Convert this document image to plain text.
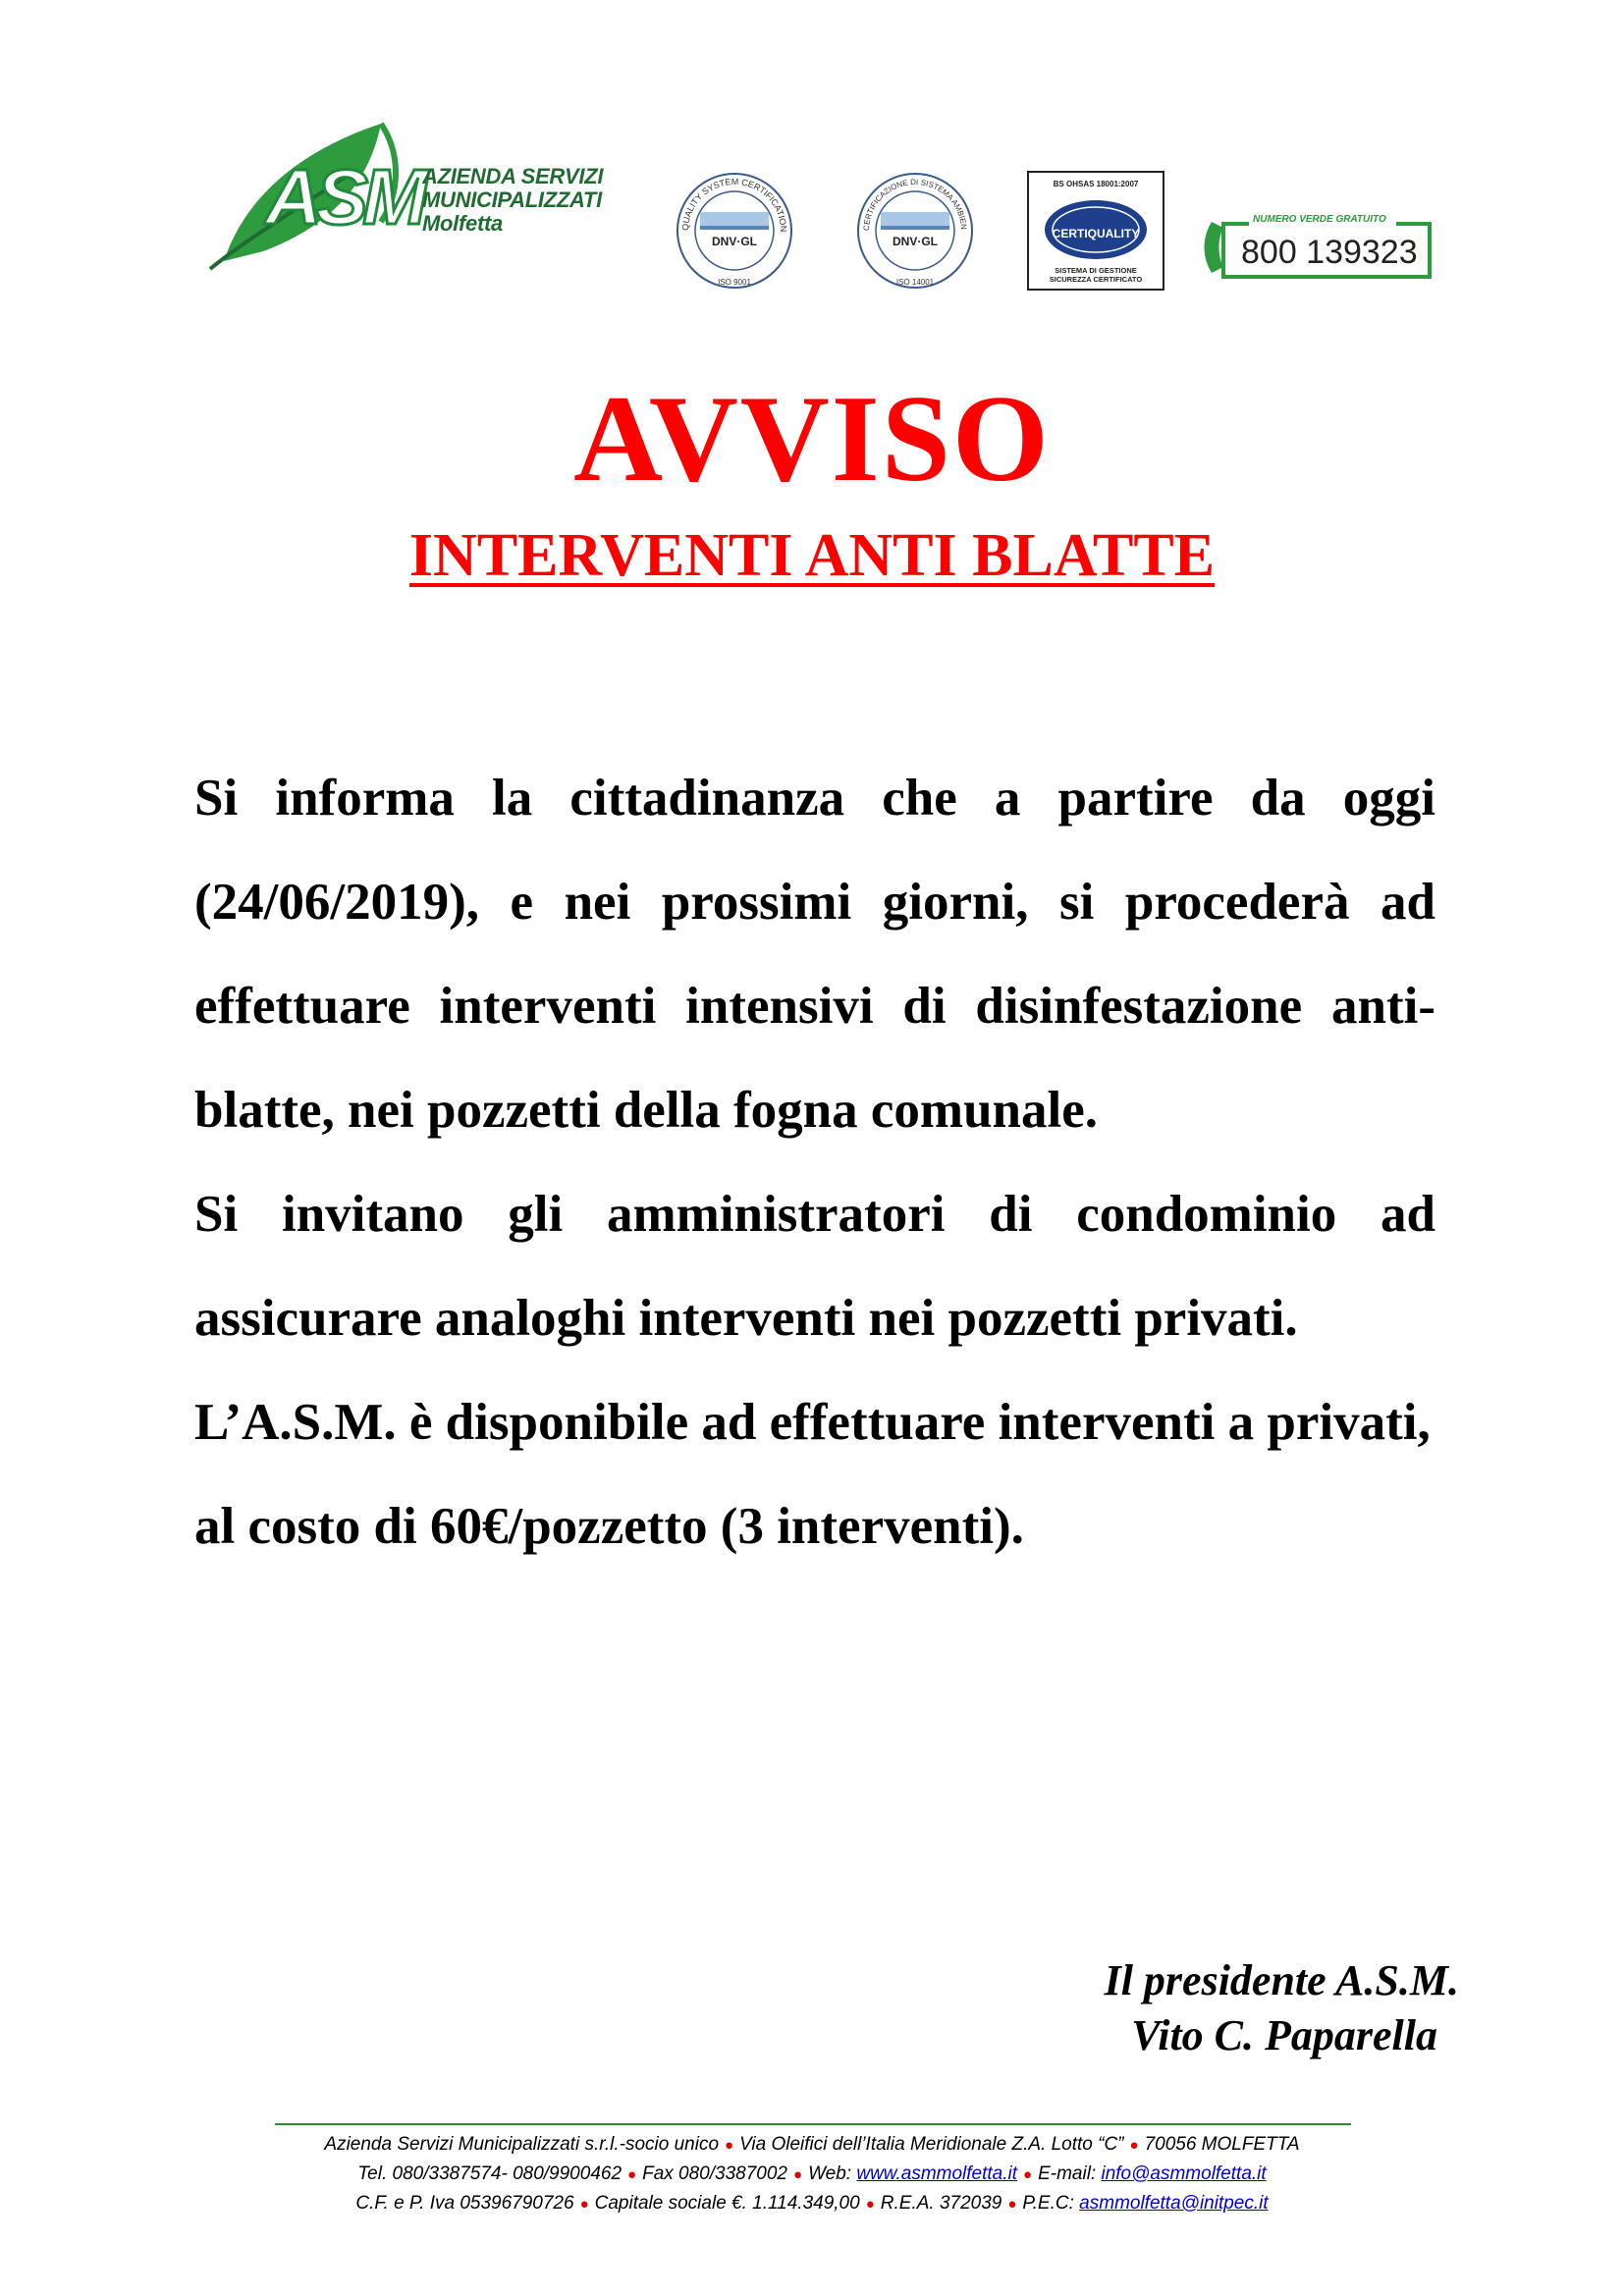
ASM AZIENDA SERVIZI
MUNICIPALIZZATI
Molfetta	QUALITY SYSTEM CERTIFICATION
DNV·GL
ISO 9001
CERTIFICAZIONE DI SISTEMA AMBIEN
DNV·GL
ISO 14001
BS OHSAS 18001:2007
CERTIQUALITY
SISTEMA DI GESTIONE
SICUREZZA CERTIFICATO
NUMERO VERDE GRATUITO
800 139323
AVVISO
INTERVENTI ANTI BLATTE

Si informa la cittadinanza che a partire da oggi (24/06/2019), e nei prossimi giorni, si procederà ad effettuare interventi intensivi di disinfestazione anti-blatte, nei pozzetti della fogna comunale.

Si invitano gli amministratori di condominio ad assicurare analoghi interventi nei pozzetti privati.

L’A.S.M. è disponibile ad effettuare interventi a privati, al costo di 60€/pozzetto (3 interventi).

Il presidente A.S.M.
Vito C. Paparella
Azienda Servizi Municipalizzati s.r.l.-socio unico ● Via Oleifici dell’Italia Meridionale Z.A. Lotto “C” ● 70056 MOLFETTA
Tel. 080/3387574- 080/9900462 ● Fax 080/3387002 ● Web: www.asmmolfetta.it ● E-mail: info@asmmolfetta.it
C.F. e P. Iva 05396790726 ● Capitale sociale €. 1.114.349,00 ● R.E.A. 372039 ● P.E.C: asmmolfetta@initpec.it
